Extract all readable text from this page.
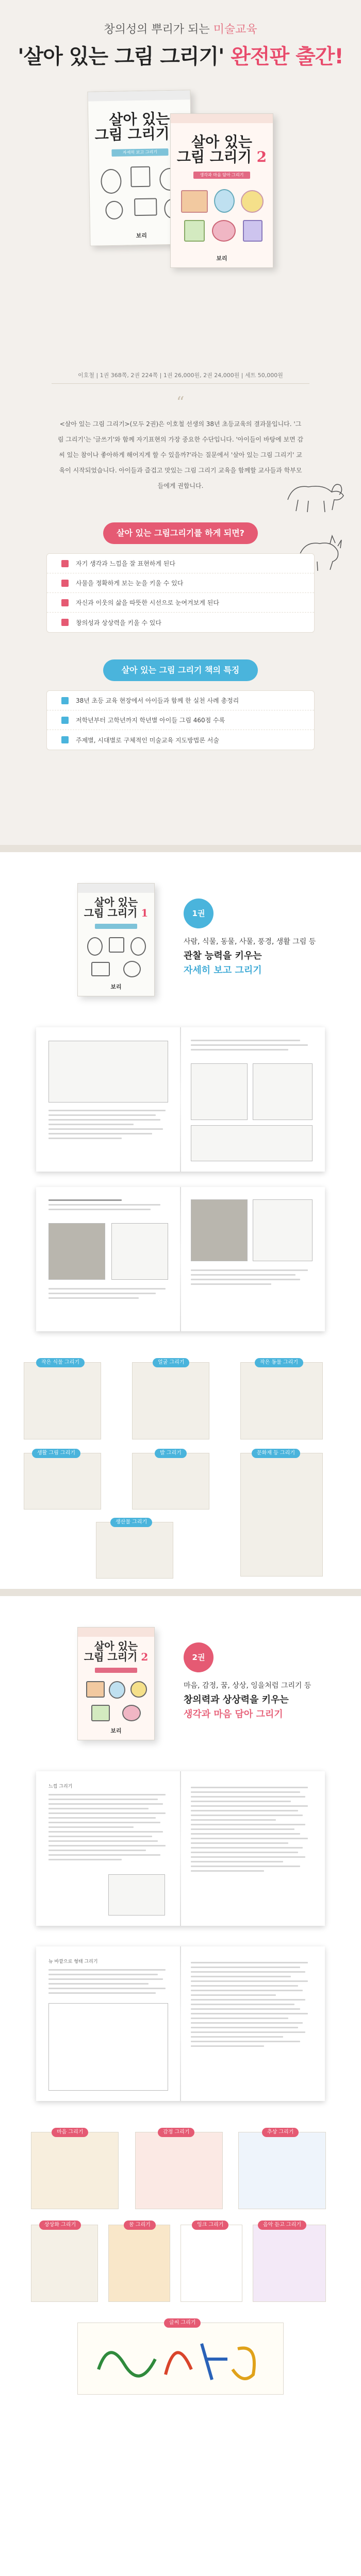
창의성의 뿌리가 되는 미술교육
'살아 있는 그림 그리기' 완전판 출간!
살아 있는
그림 그리기
자세히 보고 그리기
보리
살아 있는
그림 그리기 2
생각과 마음 담아 그리기
보리
이호철 | 1권 368쪽, 2권 224쪽 | 1권 26,000원, 2권 24,000원 | 세트 50,000원
“
<살아 있는 그림 그리기>(모두 2권)은 이호철 선생의 38년 초등교육의 결과물입니다. '그림 그리기'는 '글쓰기'와 함께 자기표현의 가장 중요한 수단입니다. '아이들이 바탕에 보면 감씨 있는 참이나 좋아하게 해어지게 할 수 있을까?'라는 질문에서 '살아 있는 그림 그리기' 교육이 시작되었습니다. 아이들과 즐겁고 맛있는 그림 그리기 교육을 함께할 교사들과 학부모들에게 권합니다.
살아 있는 그림그리기를 하게 되면?
자기 생각과 느낌을 잘 표현하게 된다
사물을 정확하게 보는 눈을 키울 수 있다
자신과 이웃의 삶을 따뜻한 시선으로 눈여겨보게 된다
창의성과 상상력을 키울 수 있다
살아 있는 그림 그리기 책의 특징
38년 초등 교육 현장에서 아이들과 함께 한 실천 사례 총정리
저학년부터 고학년까지 학년별 아이들 그림 460점 수록
주제별, 시대별로 구체적인 미술교육 지도방법론 서술
살아 있는
그림 그리기 1
보리
1권
사람, 식물, 동물, 사물, 풍경, 생활 그림 등
관찰 능력을 키우는
자세히 보고 그리기
작은 식물 그리기	얼굴 그리기	작은 동물 그리기
생활 그림 그리기	발 그리기	문화재 등 그리기
생산물 그리기
살아 있는
그림 그리기 2
보리
2권
마음, 감정, 꿈, 상상, 잉을처럼 그리기 등
창의력과 상상력을 키우는
생각과 마음 담아 그리기
느낌 그리기
뉴 바깥으로 형태 그리기
마음 그리기	감정 그리기	추상 그리기
상상화 그리기	꿈 그리기	잉크 그리기	음악 듣고 그리기
글씨 그리기
